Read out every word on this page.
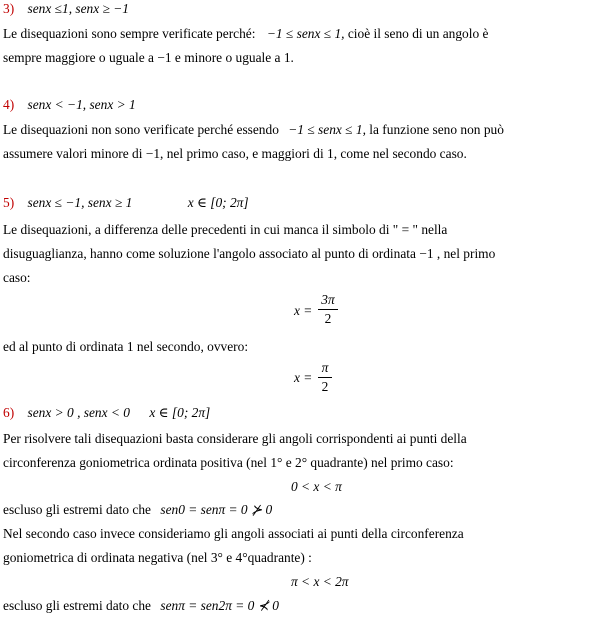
3) senx ≤1, senx ≥ −1
Le disequazioni sono sempre verificate perché: −1 ≤ senx ≤ 1, cioè il seno di un angolo è
sempre maggiore o uguale a −1 e minore o uguale a 1.
4) senx < −1, senx > 1
Le disequazioni non sono verificate perché essendo −1 ≤ senx ≤ 1, la funzione seno non può
assumere valori minore di −1, nel primo caso, e maggiori di 1, come nel secondo caso.
5) senx ≤ −1, senx ≥ 1	x ∈ [0; 2π]
Le disequazioni, a differenza delle precedenti in cui manca il simbolo di " = " nella
disuguaglianza, hanno come soluzione l'angolo associato al punto di ordinata −1 , nel primo
caso:
x =
3π
2
ed al punto di ordinata 1 nel secondo, ovvero:
x =
π
2
6) senx > 0 , senx < 0 x ∈ [0; 2π]
Per risolvere tali disequazioni basta considerare gli angoli corrispondenti ai punti della
circonferenza goniometrica ordinata positiva (nel 1° e 2° quadrante) nel primo caso:
0 < x < π
escluso gli estremi dato che sen0 = senπ = 0 ⊁ 0
Nel secondo caso invece consideriamo gli angoli associati ai punti della circonferenza
goniometrica di ordinata negativa (nel 3° e 4°quadrante) :
π < x < 2π
escluso gli estremi dato che senπ = sen2π = 0 ⊀ 0
